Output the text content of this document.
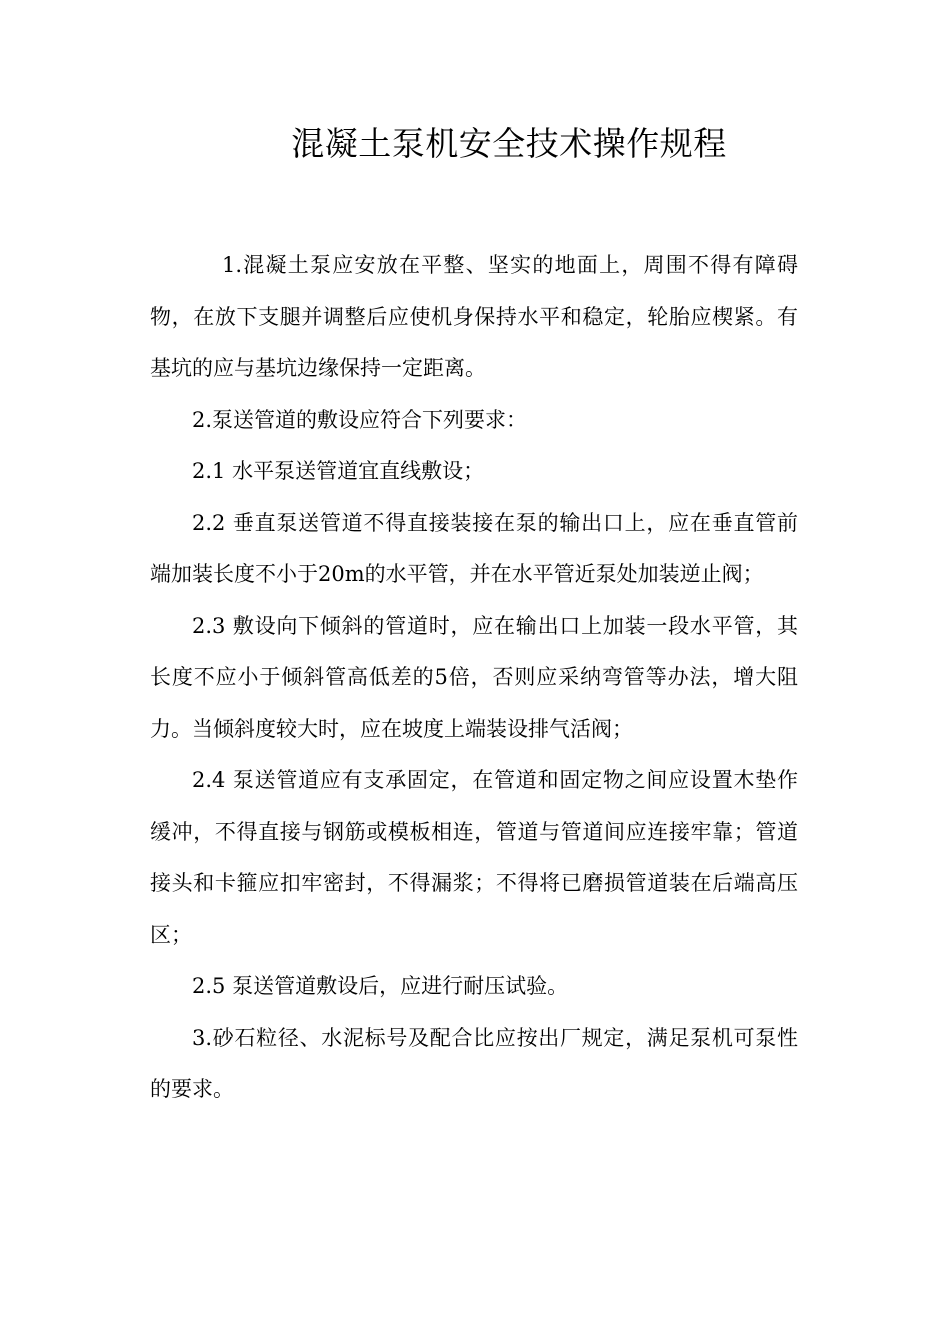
混凝土泵机安全技术操作规程

1.混凝土泵应安放在平整、坚实的地面上，周围不得有障碍物，在放下支腿并调整后应使机身保持水平和稳定，轮胎应楔紧。有基坑的应与基坑边缘保持一定距离。

2.泵送管道的敷设应符合下列要求：

2.1 水平泵送管道宜直线敷设；

2.2 垂直泵送管道不得直接装接在泵的输出口上，应在垂直管前端加装长度不小于20m的水平管，并在水平管近泵处加装逆止阀；

2.3 敷设向下倾斜的管道时，应在输出口上加装一段水平管，其长度不应小于倾斜管高低差的5倍，否则应采纳弯管等办法，增大阻力。当倾斜度较大时，应在坡度上端装设排气活阀；

2.4 泵送管道应有支承固定，在管道和固定物之间应设置木垫作缓冲，不得直接与钢筋或模板相连，管道与管道间应连接牢靠；管道接头和卡箍应扣牢密封，不得漏浆；不得将已磨损管道装在后端高压区；

2.5 泵送管道敷设后，应进行耐压试验。

3.砂石粒径、水泥标号及配合比应按出厂规定，满足泵机可泵性的要求。
